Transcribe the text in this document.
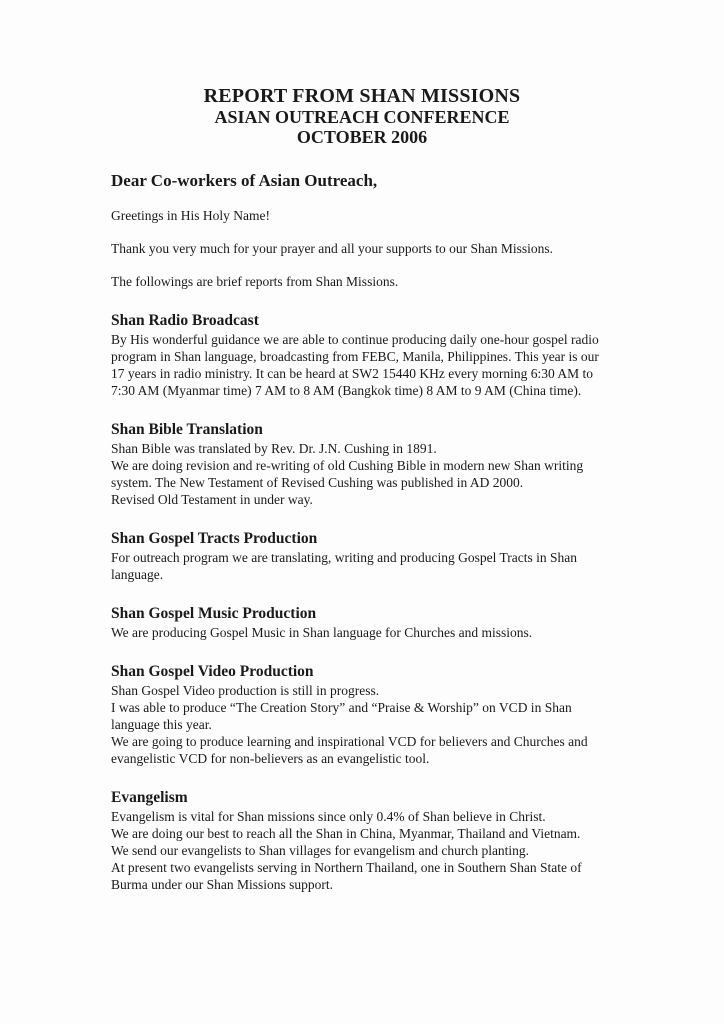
REPORT FROM SHAN MISSIONS
ASIAN OUTREACH CONFERENCE
OCTOBER 2006

Dear Co-workers of Asian Outreach,

Greetings in His Holy Name!

Thank you very much for your prayer and all your supports to our Shan Missions.

The followings are brief reports from Shan Missions.

Shan Radio Broadcast

By His wonderful guidance we are able to continue producing daily one-hour gospel radio program in Shan language, broadcasting from FEBC, Manila, Philippines. This year is our 17 years in radio ministry. It can be heard at SW2 15440 KHz every morning 6:30 AM to 7:30 AM (Myanmar time) 7 AM to 8 AM (Bangkok time) 8 AM to 9 AM (China time).

Shan Bible Translation

Shan Bible was translated by Rev. Dr. J.N. Cushing in 1891.

We are doing revision and re-writing of old Cushing Bible in modern new Shan writing system. The New Testament of Revised Cushing was published in AD 2000.

Revised Old Testament in under way.

Shan Gospel Tracts Production

For outreach program we are translating, writing and producing Gospel Tracts in Shan language.

Shan Gospel Music Production

We are producing Gospel Music in Shan language for Churches and missions.

Shan Gospel Video Production

Shan Gospel Video production is still in progress.

I was able to produce “The Creation Story” and “Praise & Worship” on VCD in Shan language this year.

We are going to produce learning and inspirational VCD for believers and Churches and evangelistic VCD for non-believers as an evangelistic tool.

Evangelism

Evangelism is vital for Shan missions since only 0.4% of Shan believe in Christ.

We are doing our best to reach all the Shan in China, Myanmar, Thailand and Vietnam.

We send our evangelists to Shan villages for evangelism and church planting.

At present two evangelists serving in Northern Thailand, one in Southern Shan State of Burma under our Shan Missions support.
